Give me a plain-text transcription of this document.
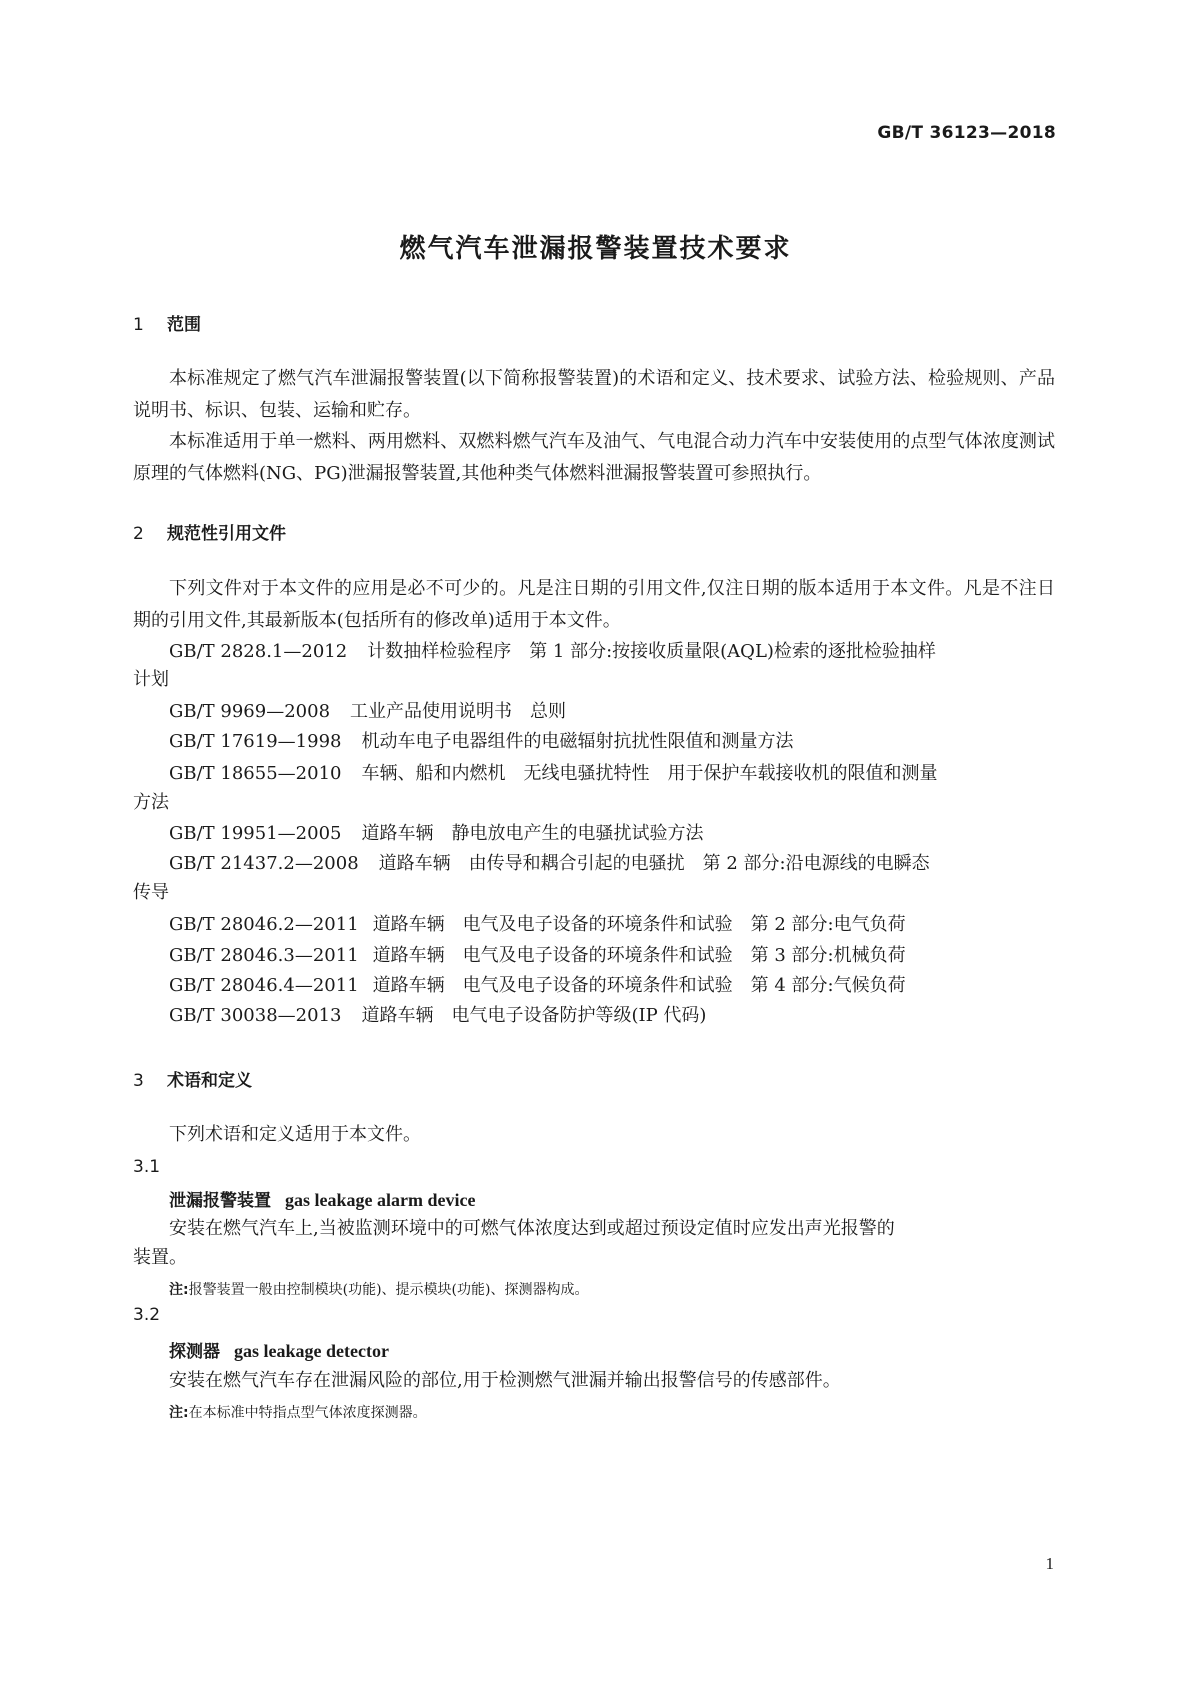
GB/T 36123—2018
燃气汽车泄漏报警装置技术要求
1 范围
本标准规定了燃气汽车泄漏报警装置(以下简称报警装置)的术语和定义、技术要求、试验方法、检验规则、产品说明书、标识、包装、运输和贮存。
本标准适用于单一燃料、两用燃料、双燃料燃气汽车及油气、气电混合动力汽车中安装使用的点型气体浓度测试原理的气体燃料(NG、PG)泄漏报警装置,其他种类气体燃料泄漏报警装置可参照执行。
2 规范性引用文件
下列文件对于本文件的应用是必不可少的。凡是注日期的引用文件,仅注日期的版本适用于本文件。凡是不注日期的引用文件,其最新版本(包括所有的修改单)适用于本文件。
GB/T 2828.1—2012 计数抽样检验程序　第 1 部分:按接收质量限(AQL)检索的逐批检验抽样
计划
GB/T 9969—2008 工业产品使用说明书　总则
GB/T 17619—1998 机动车电子电器组件的电磁辐射抗扰性限值和测量方法
GB/T 18655—2010 车辆、船和内燃机　无线电骚扰特性　用于保护车载接收机的限值和测量
方法
GB/T 19951—2005 道路车辆　静电放电产生的电骚扰试验方法
GB/T 21437.2—2008 道路车辆　由传导和耦合引起的电骚扰　第 2 部分:沿电源线的电瞬态
传导
GB/T 28046.2—2011 道路车辆　电气及电子设备的环境条件和试验　第 2 部分:电气负荷
GB/T 28046.3—2011 道路车辆　电气及电子设备的环境条件和试验　第 3 部分:机械负荷
GB/T 28046.4—2011 道路车辆　电气及电子设备的环境条件和试验　第 4 部分:气候负荷
GB/T 30038—2013 道路车辆　电气电子设备防护等级(IP 代码)
3 术语和定义
下列术语和定义适用于本文件。
3.1
泄漏报警装置 gas leakage alarm device
安装在燃气汽车上,当被监测环境中的可燃气体浓度达到或超过预设定值时应发出声光报警的
装置。
注:报警装置一般由控制模块(功能)、提示模块(功能)、探测器构成。
3.2
探测器 gas leakage detector
安装在燃气汽车存在泄漏风险的部位,用于检测燃气泄漏并输出报警信号的传感部件。
注:在本标准中特指点型气体浓度探测器。
1
